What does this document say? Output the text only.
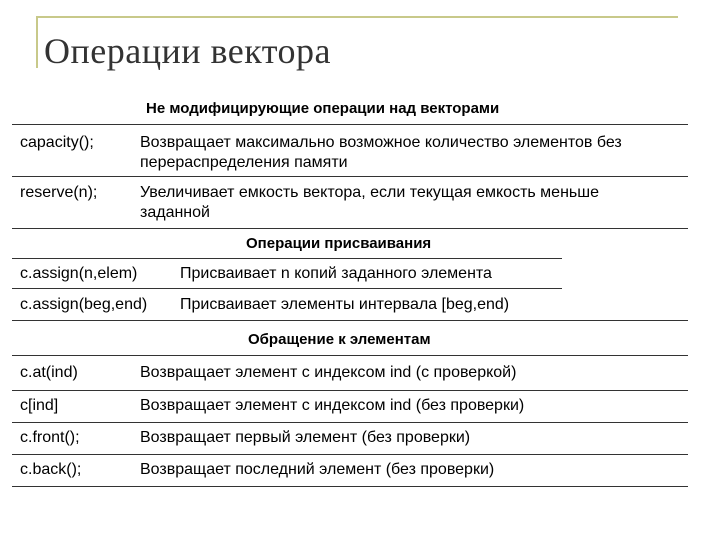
Операции вектора
Не модифицирующие операции над векторами
capacity();	Возвращает максимально возможное количество элементов без
перераспределения памяти
reserve(n);	Увеличивает емкость вектора, если текущая емкость меньше
заданной
Операции присваивания
c.assign(n,elem)	Присваивает n копий заданного элемента
c.assign(beg,end) Присваивает элементы интервала [beg,end)
Обращение к элементам
c.at(ind)	Возвращает элемент с индексом ind (с проверкой)
c[ind]	Возвращает элемент с индексом ind (без проверки)
c.front();	Возвращает первый элемент (без проверки)
c.back();	Возвращает последний элемент (без проверки)
